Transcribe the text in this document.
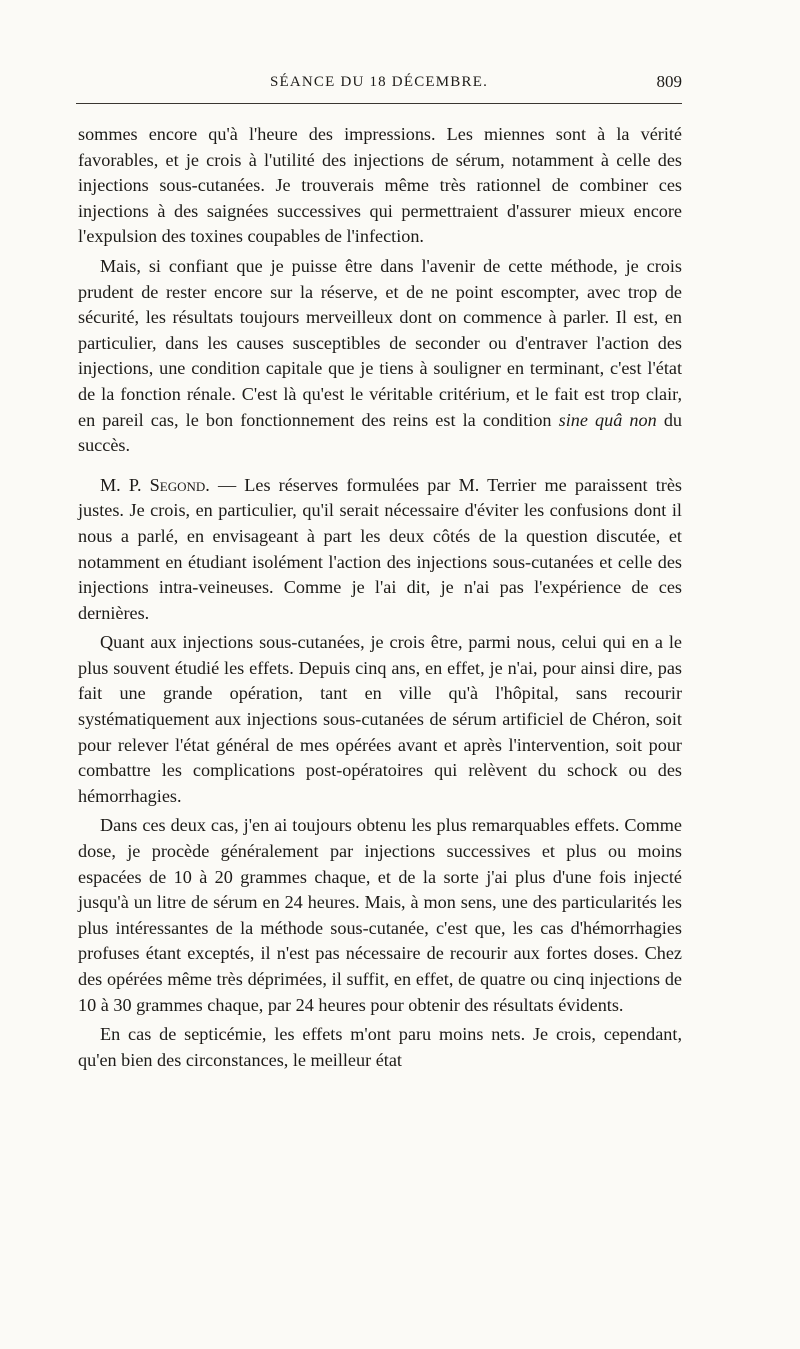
SÉANCE DU 18 DÉCEMBRE.	809

sommes encore qu'à l'heure des impressions. Les miennes sont à la vérité favorables, et je crois à l'utilité des injections de sérum, notamment à celle des injections sous-cutanées. Je trouverais même très rationnel de combiner ces injections à des saignées successives qui permettraient d'assurer mieux encore l'expulsion des toxines coupables de l'infection.

Mais, si confiant que je puisse être dans l'avenir de cette méthode, je crois prudent de rester encore sur la réserve, et de ne point escompter, avec trop de sécurité, les résultats toujours merveilleux dont on commence à parler. Il est, en particulier, dans les causes susceptibles de seconder ou d'entraver l'action des injections, une condition capitale que je tiens à souligner en terminant, c'est l'état de la fonction rénale. C'est là qu'est le véritable critérium, et le fait est trop clair, en pareil cas, le bon fonctionnement des reins est la condition sine quâ non du succès.

M. P. Segond. — Les réserves formulées par M. Terrier me paraissent très justes. Je crois, en particulier, qu'il serait nécessaire d'éviter les confusions dont il nous a parlé, en envisageant à part les deux côtés de la question discutée, et notamment en étudiant isolément l'action des injections sous-cutanées et celle des injections intra-veineuses. Comme je l'ai dit, je n'ai pas l'expérience de ces dernières.

Quant aux injections sous-cutanées, je crois être, parmi nous, celui qui en a le plus souvent étudié les effets. Depuis cinq ans, en effet, je n'ai, pour ainsi dire, pas fait une grande opération, tant en ville qu'à l'hôpital, sans recourir systématiquement aux injections sous-cutanées de sérum artificiel de Chéron, soit pour relever l'état général de mes opérées avant et après l'intervention, soit pour combattre les complications post-opératoires qui relèvent du schock ou des hémorrhagies.

Dans ces deux cas, j'en ai toujours obtenu les plus remarquables effets. Comme dose, je procède généralement par injections successives et plus ou moins espacées de 10 à 20 grammes chaque, et de la sorte j'ai plus d'une fois injecté jusqu'à un litre de sérum en 24 heures. Mais, à mon sens, une des particularités les plus intéressantes de la méthode sous-cutanée, c'est que, les cas d'hémorrhagies profuses étant exceptés, il n'est pas nécessaire de recourir aux fortes doses. Chez des opérées même très déprimées, il suffit, en effet, de quatre ou cinq injections de 10 à 30 grammes chaque, par 24 heures pour obtenir des résultats évidents.

En cas de septicémie, les effets m'ont paru moins nets. Je crois, cependant, qu'en bien des circonstances, le meilleur état
